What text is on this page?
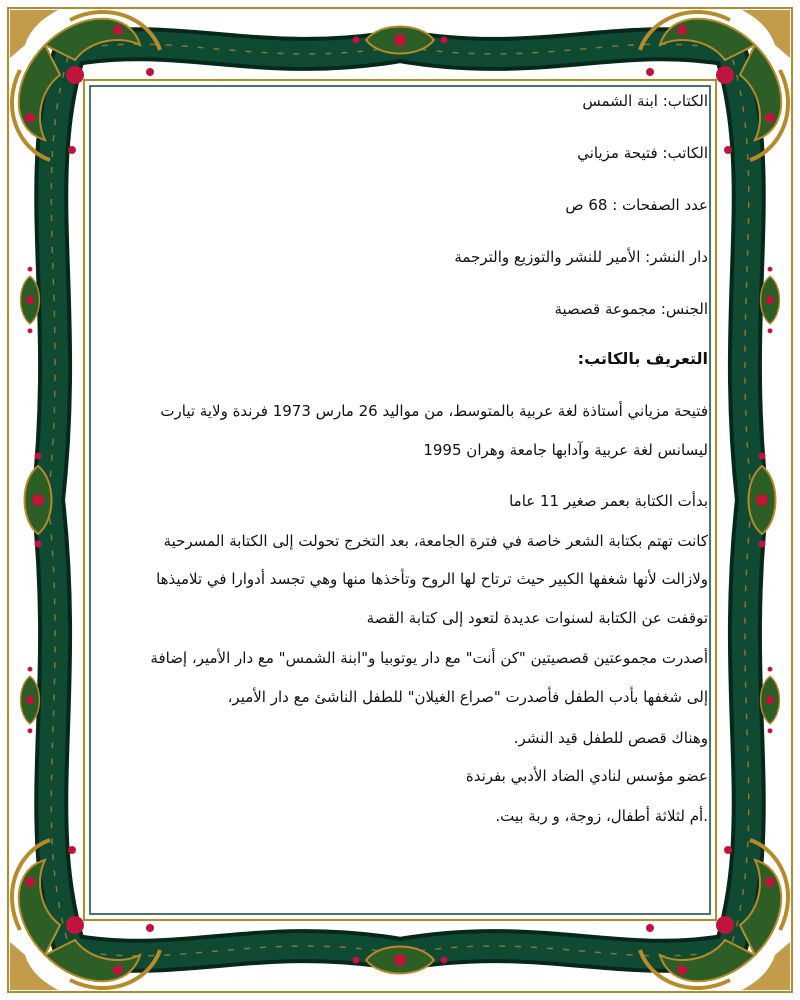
الكتاب: ابنة الشمس
الكاتب: فتيحة مزياني
عدد الصفحات : 68 ص
دار النشر: الأمير للنشر والتوزيع والترجمة
الجنس: مجموعة قصصية
التعريف بالكاتب:
فتيحة مزياني أستاذة لغة عربية بالمتوسط، من مواليد 26 مارس 1973 فرندة ولاية تيارت
ليسانس لغة عربية وآدابها جامعة وهران 1995
بدأت الكتابة بعمر صغير 11 عاما
كانت تهتم بكتابة الشعر خاصة في فترة الجامعة، بعد التخرج تحولت إلى الكتابة المسرحية
ولازالت لأنها شغفها الكبير حيث ترتاح لها الروح وتأخذها منها وهي تجسد أدوارا في تلاميذها
توقفت عن الكتابة لسنوات عديدة لتعود إلى كتابة القصة
أصدرت مجموعتين قصصيتين "كن أنت" مع دار يوتوبيا و"ابنة الشمس" مع دار الأمير، إضافة
إلى شغفها بأدب الطفل فأصدرت "صراع الغيلان" للطفل الناشئ مع دار الأمير،
وهناك قصص للطفل قيد النشر.
عضو مؤسس لنادي الضاد الأدبي بفرندة
.أم لثلاثة أطفال، زوجة، و ربة بيت.
